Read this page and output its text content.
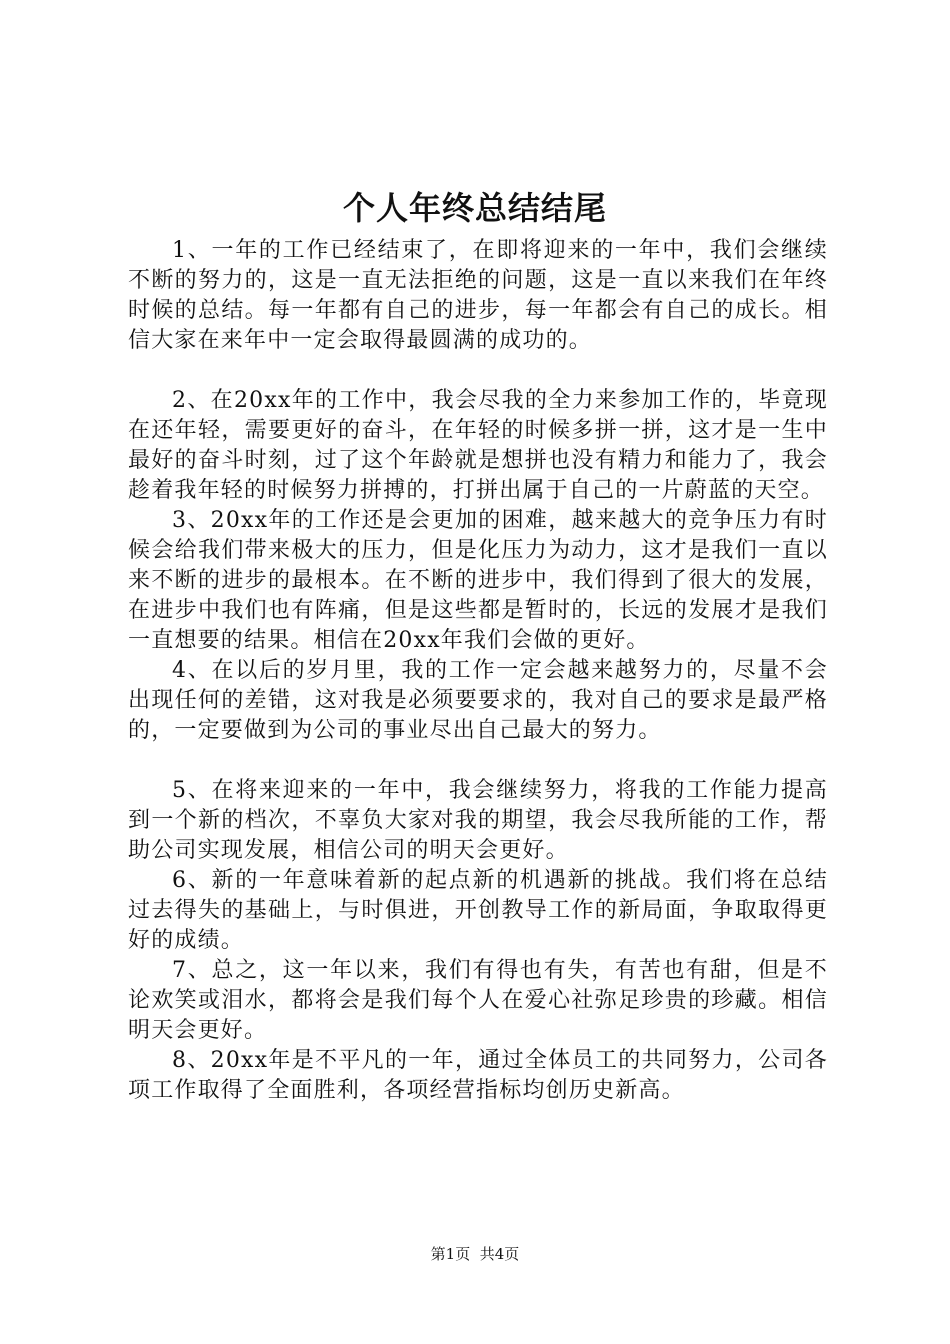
个人年终总结结尾

1、一年的工作已经结束了，在即将迎来的一年中，我们会继续不断的努力的，这是一直无法拒绝的问题，这是一直以来我们在年终时候的总结。每一年都有自己的进步，每一年都会有自己的成长。相信大家在来年中一定会取得最圆满的成功的。

2、在20xx年的工作中，我会尽我的全力来参加工作的，毕竟现在还年轻，需要更好的奋斗，在年轻的时候多拼一拼，这才是一生中最好的奋斗时刻，过了这个年龄就是想拼也没有精力和能力了，我会趁着我年轻的时候努力拼搏的，打拼出属于自己的一片蔚蓝的天空。

3、20xx年的工作还是会更加的困难，越来越大的竞争压力有时候会给我们带来极大的压力，但是化压力为动力，这才是我们一直以来不断的进步的最根本。在不断的进步中，我们得到了很大的发展，在进步中我们也有阵痛，但是这些都是暂时的，长远的发展才是我们一直想要的结果。相信在20xx年我们会做的更好。

4、在以后的岁月里，我的工作一定会越来越努力的，尽量不会出现任何的差错，这对我是必须要要求的，我对自己的要求是最严格的，一定要做到为公司的事业尽出自己最大的努力。

5、在将来迎来的一年中，我会继续努力，将我的工作能力提高到一个新的档次，不辜负大家对我的期望，我会尽我所能的工作，帮助公司实现发展，相信公司的明天会更好。

6、新的一年意味着新的起点新的机遇新的挑战。我们将在总结过去得失的基础上，与时俱进，开创教导工作的新局面，争取取得更好的成绩。

7、总之，这一年以来，我们有得也有失，有苦也有甜，但是不论欢笑或泪水，都将会是我们每个人在爱心社弥足珍贵的珍藏。相信明天会更好。

8、20xx年是不平凡的一年，通过全体员工的共同努力，公司各项工作取得了全面胜利，各项经营指标均创历史新高。

第1页 共4页
